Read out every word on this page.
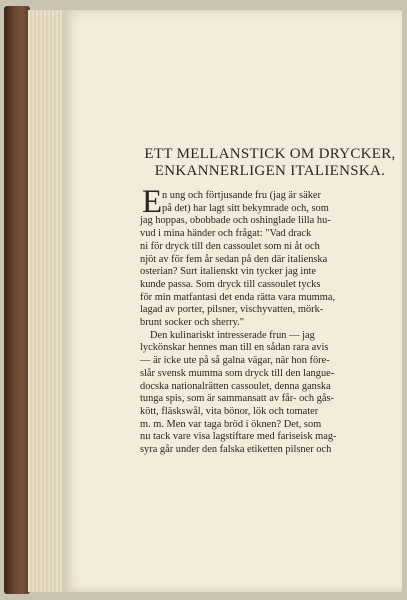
ETT MELLANSTICK OM DRYCKER,
ENKANNERLIGEN ITALIENSKA.
E n ung och förtjusande fru (jag är säker
på det) har lagt sitt bekymrade och, som
jag hoppas, obobbade och oshinglade lilla hu-
vud i mina händer och frågat: "Vad drack
ni för dryck till den cassoulet som ni åt och
njöt av för fem år sedan på den där italienska
osterian? Surt italienskt vin tycker jag inte
kunde passa. Som dryck till cassoulet tycks
för min matfantasi det enda rätta vara mumma,
lagad av porter, pilsner, vischyvatten, mörk-
brunt socker och sherry."
Den kulinariskt intresserade frun — jag
lyckönskar hennes man till en sådan rara avis
— är icke ute på så galna vägar, när hon före-
slår svensk mumma som dryck till den langue-
docska nationalrätten cassoulet, denna ganska
tunga spis, som är sammansatt av får- och gås-
kött, fläskswål, vita bönor, lök och tomater
m. m. Men var taga bröd i öknen? Det, som
nu tack vare visa lagstiftare med fariseisk mag-
syra går under den falska etiketten pilsner och
